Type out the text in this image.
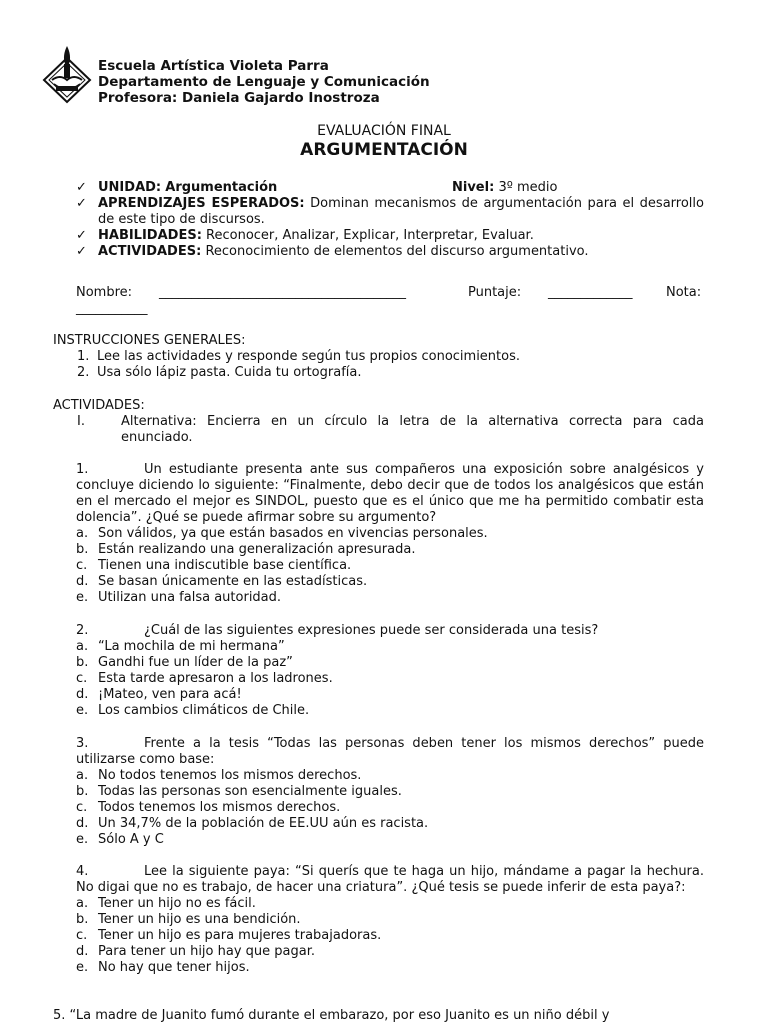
Escuela Artística Violeta Parra
Departamento de Lenguaje y Comunicación
Profesora: Daniela Gajardo Inostroza
EVALUACIÓN FINAL
ARGUMENTACIÓN
✓ UNIDAD: Argumentación	Nivel: 3º medio
✓ APRENDIZAJES ESPERADOS: Dominan mecanismos de argumentación para el desarrollo de este tipo de discursos.
✓ HABILIDADES: Reconocer, Analizar, Explicar, Interpretar, Evaluar.
✓ ACTIVIDADES: Reconocimiento de elementos del discurso argumentativo.
Nombre: ______________________________________	Puntaje: _____________	Nota:
___________
INSTRUCCIONES GENERALES:
1. Lee las actividades y responde según tus propios conocimientos.
2. Usa sólo lápiz pasta. Cuida tu ortografía.
ACTIVIDADES:
I.	Alternativa: Encierra en un círculo la letra de la alternativa correcta para cada enunciado.
1.	Un estudiante presenta ante sus compañeros una exposición sobre analgésicos y concluye diciendo lo siguiente: “Finalmente, debo decir que de todos los analgésicos que están en el mercado el mejor es SINDOL, puesto que es el único que me ha permitido combatir esta dolencia”. ¿Qué se puede afirmar sobre su argumento?
a. Son válidos, ya que están basados en vivencias personales.
b. Están realizando una generalización apresurada.
c. Tienen una indiscutible base científica.
d. Se basan únicamente en las estadísticas.
e. Utilizan una falsa autoridad.
2.	¿Cuál de las siguientes expresiones puede ser considerada una tesis?
a. “La mochila de mi hermana”
b. Gandhi fue un líder de la paz”
c. Esta tarde apresaron a los ladrones.
d. ¡Mateo, ven para acá!
e. Los cambios climáticos de Chile.
3.	Frente a la tesis “Todas las personas deben tener los mismos derechos” puede utilizarse como base:
a. No todos tenemos los mismos derechos.
b. Todas las personas son esencialmente iguales.
c. Todos tenemos los mismos derechos.
d. Un 34,7% de la población de EE.UU aún es racista.
e. Sólo A y C
4.	Lee la siguiente paya: “Si querís que te haga un hijo, mándame a pagar la hechura. No digai que no es trabajo, de hacer una criatura”. ¿Qué tesis se puede inferir de esta paya?:
a. Tener un hijo no es fácil.
b. Tener un hijo es una bendición.
c. Tener un hijo es para mujeres trabajadoras.
d. Para tener un hijo hay que pagar.
e. No hay que tener hijos.
5. “La madre de Juanito fumó durante el embarazo, por eso Juanito es un niño débil y
